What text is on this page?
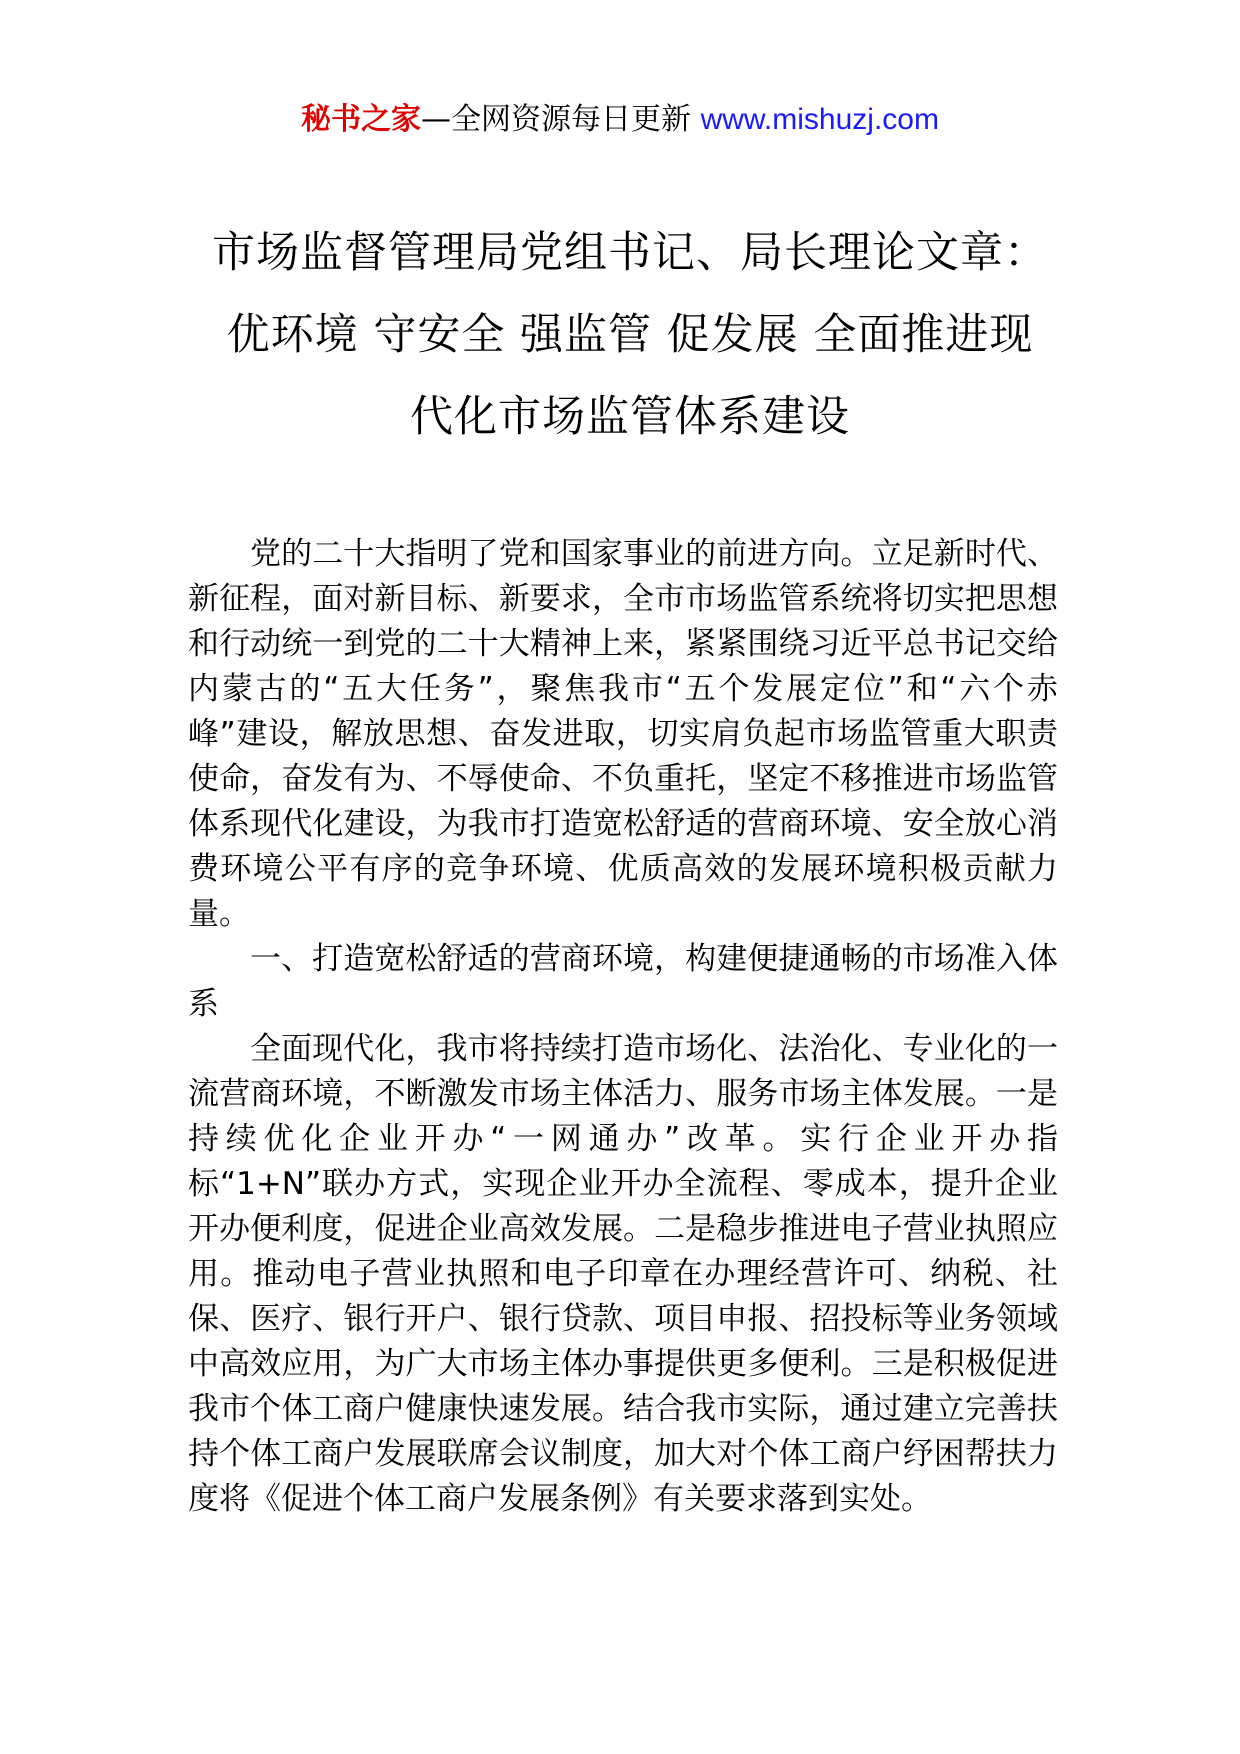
秘书之家—全网资源每日更新 www.mishuzj.com
市场监督管理局党组书记、局长理论文章：
优环境 守安全 强监管 促发展 全面推进现
代化市场监管体系建设

党的二十大指明了党和国家事业的前进方向。立足新时代、新征程，面对新目标、新要求，全市市场监管系统将切实把思想和行动统一到党的二十大精神上来，紧紧围绕习近平总书记交给内蒙古的“五大任务”，聚焦我市“五个发展定位”和“六个赤峰”建设，解放思想、奋发进取，切实肩负起市场监管重大职责使命，奋发有为、不辱使命、不负重托，坚定不移推进市场监管体系现代化建设，为我市打造宽松舒适的营商环境、安全放心消费环境公平有序的竞争环境、优质高效的发展环境积极贡献力量。

一、打造宽松舒适的营商环境，构建便捷通畅的市场准入体系

全面现代化，我市将持续打造市场化、法治化、专业化的一流营商环境，不断激发市场主体活力、服务市场主体发展。一是持续优化企业开办“一网通办”改革。实行企业开办指标“1+N”联办方式，实现企业开办全流程、零成本，提升企业开办便利度，促进企业高效发展。二是稳步推进电子营业执照应用。推动电子营业执照和电子印章在办理经营许可、纳税、社保、医疗、银行开户、银行贷款、项目申报、招投标等业务领域中高效应用，为广大市场主体办事提供更多便利。三是积极促进我市个体工商户健康快速发展。结合我市实际，通过建立完善扶持个体工商户发展联席会议制度，加大对个体工商户纾困帮扶力度将《促进个体工商户发展条例》有关要求落到实处。
